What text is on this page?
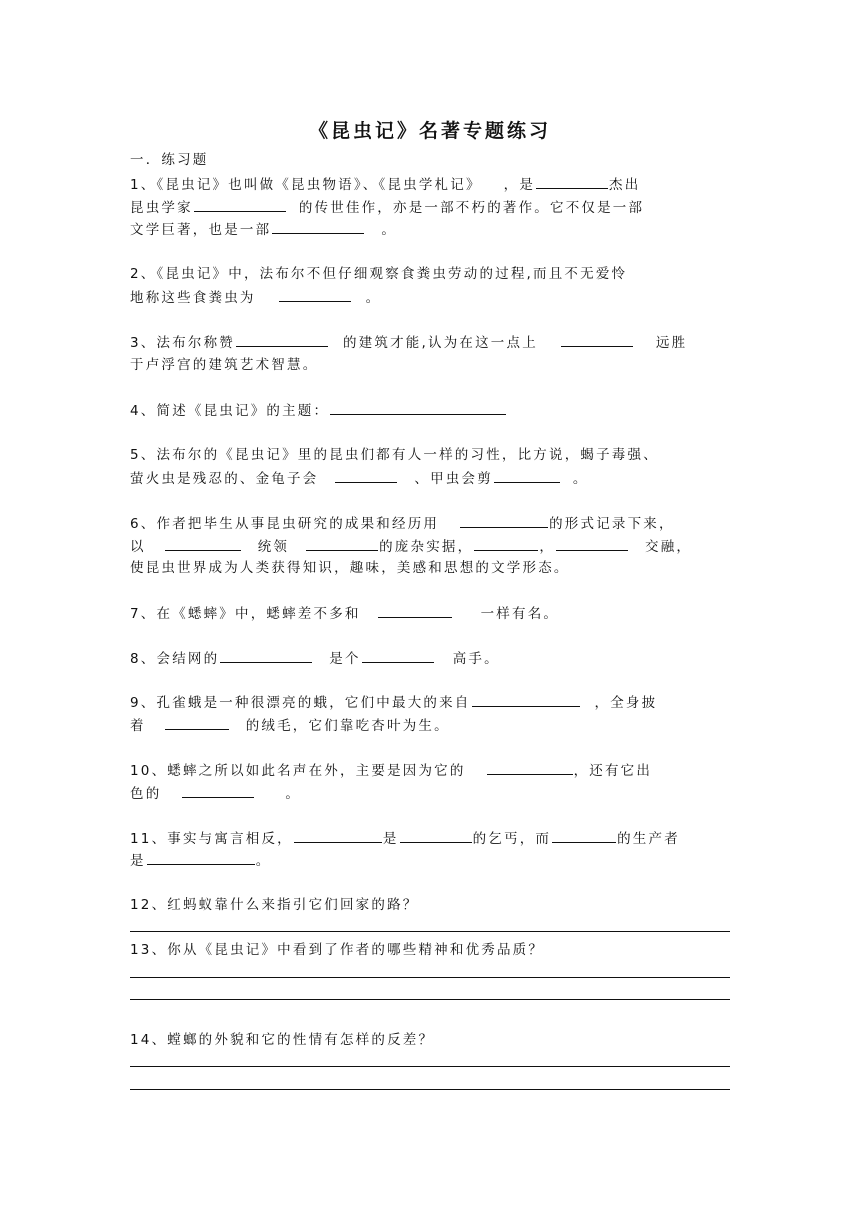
《昆虫记》名著专题练习
一．练习题
1、《昆虫记》也叫做《昆虫物语》、《昆虫学札记》 ，是	杰出
昆虫学家	的传世佳作，亦是一部不朽的著作。它不仅是一部
文学巨著，也是一部	。
2、《昆虫记》中，法布尔不但仔细观察食粪虫劳动的过程,而且不无爱怜
地称这些食粪虫为	。
3、法布尔称赞	的建筑才能,认为在这一点上	远胜
于卢浮宫的建筑艺术智慧。
4、简述《昆虫记》的主题：
5、法布尔的《昆虫记》里的昆虫们都有人一样的习性，比方说，蝎子毒强、
萤火虫是残忍的、金龟子会	、甲虫会剪	。
6、作者把毕生从事昆虫研究的成果和经历用	的形式记录下来，
以	统领	的庞杂实据，	，	交融，
使昆虫世界成为人类获得知识，趣味，美感和思想的文学形态。
7、在《蟋蟀》中，蟋蟀差不多和	一样有名。
8、会结网的	是个	高手。
9、孔雀蛾是一种很漂亮的蛾，它们中最大的来自	，全身披
着	的绒毛，它们靠吃杏叶为生。
10、蟋蟀之所以如此名声在外，主要是因为它的	，还有它出
色的	。
11、事实与寓言相反，	是	的乞丐，而	的生产者
是	。
12、红蚂蚁靠什么来指引它们回家的路？
13、你从《昆虫记》中看到了作者的哪些精神和优秀品质？
14、螳螂的外貌和它的性情有怎样的反差？
